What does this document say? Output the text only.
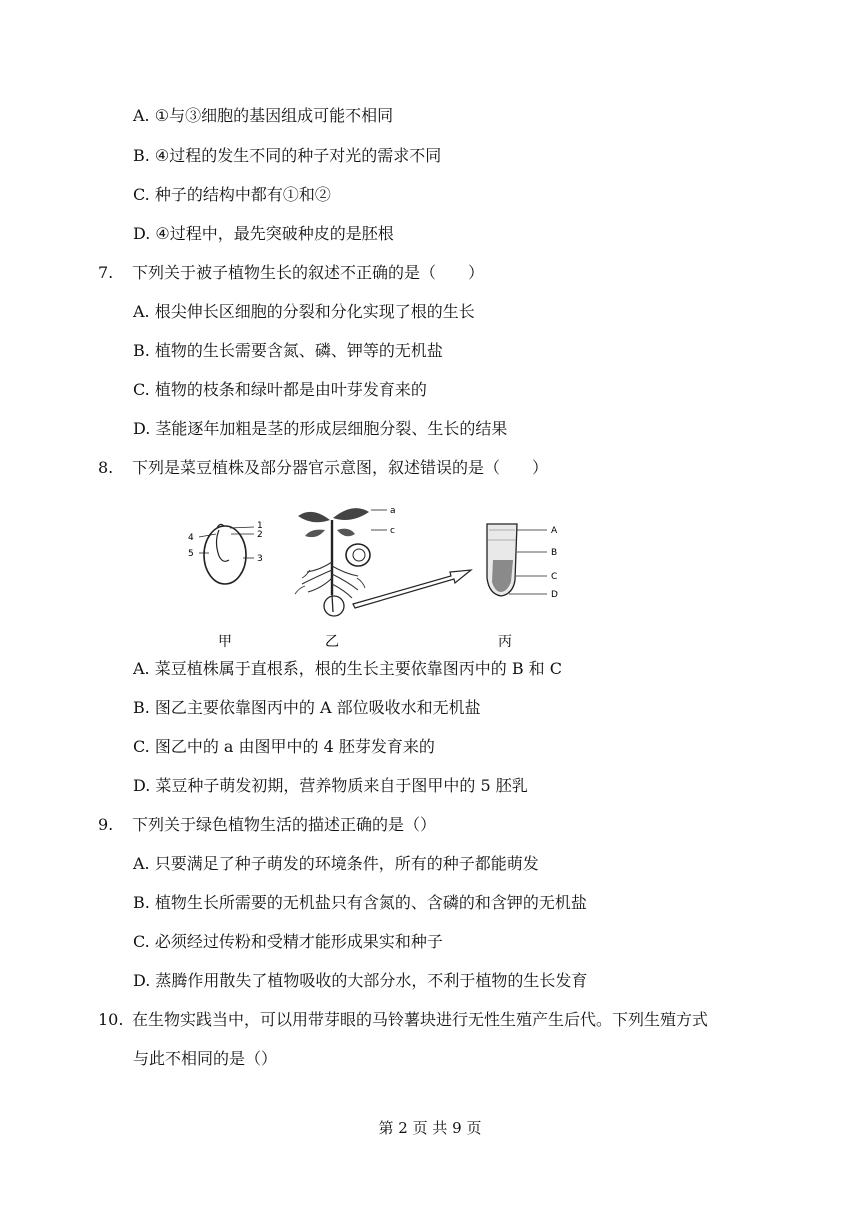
A. ①与③细胞的基因组成可能不相同
B. ④过程的发生不同的种子对光的需求不同
C. 种子的结构中都有①和②
D. ④过程中，最先突破种皮的是胚根
7. 下列关于被子植物生长的叙述不正确的是（　　）
A. 根尖伸长区细胞的分裂和分化实现了根的生长
B. 植物的生长需要含氮、磷、钾等的无机盐
C. 植物的枝条和绿叶都是由叶芽发育来的
D. 茎能逐年加粗是茎的形成层细胞分裂、生长的结果
8. 下列是菜豆植株及部分器官示意图，叙述错误的是（　　）
1
2
3
4
5
a
c	A
B
C
D
甲	乙	丙
A. 菜豆植株属于直根系，根的生长主要依靠图丙中的 B 和 C
B. 图乙主要依靠图丙中的 A 部位吸收水和无机盐
C. 图乙中的 a 由图甲中的 4 胚芽发育来的
D. 菜豆种子萌发初期，营养物质来自于图甲中的 5 胚乳
9. 下列关于绿色植物生活的描述正确的是（）
A. 只要满足了种子萌发的环境条件，所有的种子都能萌发
B. 植物生长所需要的无机盐只有含氮的、含磷的和含钾的无机盐
C. 必须经过传粉和受精才能形成果实和种子
D. 蒸腾作用散失了植物吸收的大部分水，不利于植物的生长发育
10. 在生物实践当中，可以用带芽眼的马铃薯块进行无性生殖产生后代。下列生殖方式
与此不相同的是（）
第 2 页 共 9 页
